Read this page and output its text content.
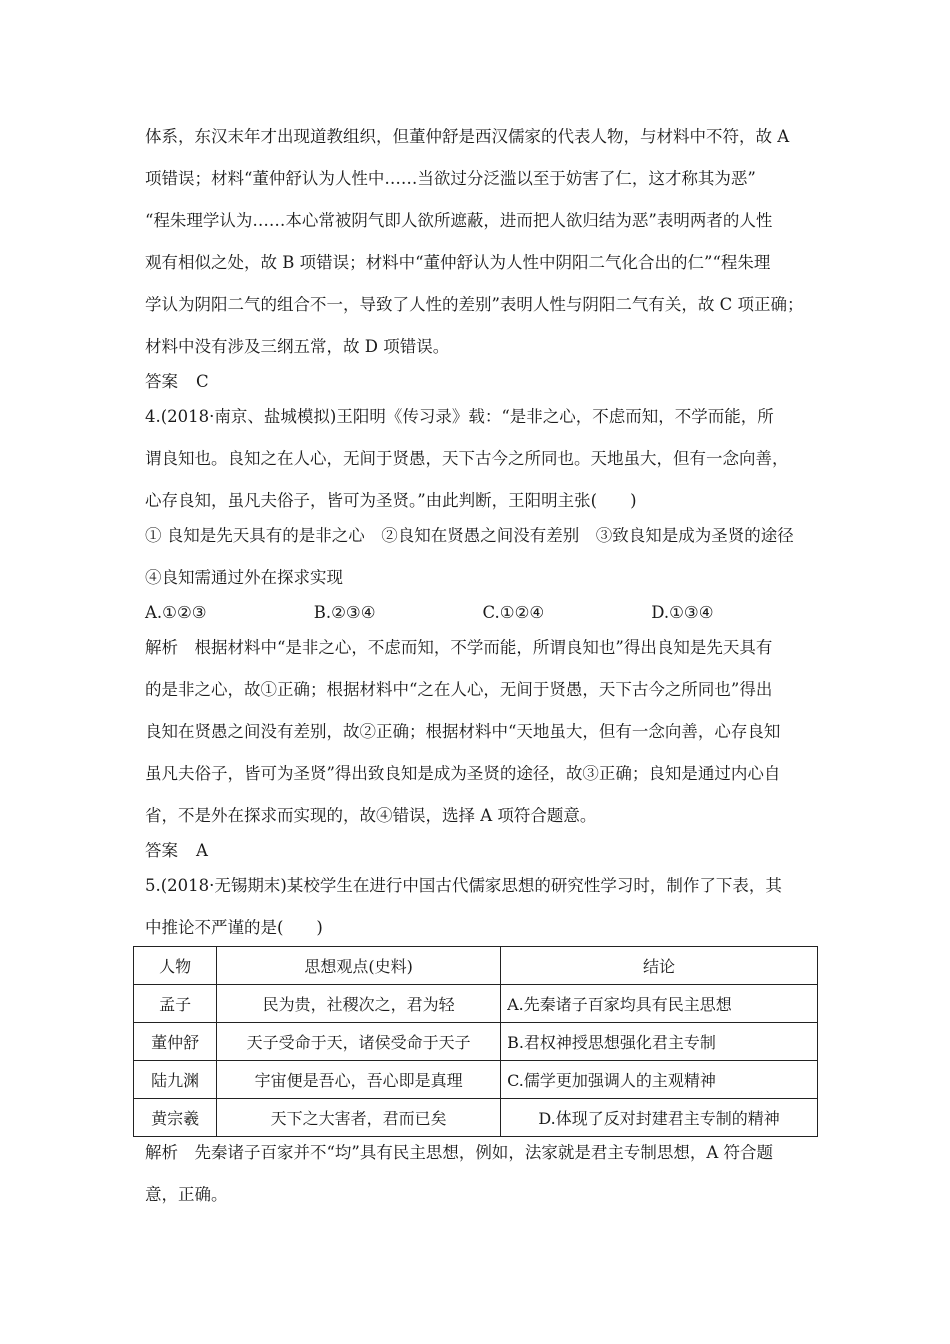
体系，东汉末年才出现道教组织，但董仲舒是西汉儒家的代表人物，与材料中不符，故 A
项错误；材料“董仲舒认为人性中……当欲过分泛滥以至于妨害了仁，这才称其为恶”
“程朱理学认为……本心常被阴气即人欲所遮蔽，进而把人欲归结为恶”表明两者的人性
观有相似之处，故 B 项错误；材料中“董仲舒认为人性中阴阳二气化合出的仁”“程朱理
学认为阴阳二气的组合不一，导致了人性的差别”表明人性与阴阳二气有关，故 C 项正确；
材料中没有涉及三纲五常，故 D 项错误。
答案 C
4.(2018·南京、盐城模拟)王阳明《传习录》载：“是非之心，不虑而知，不学而能，所
谓良知也。良知之在人心，无间于贤愚，天下古今之所同也。天地虽大，但有一念向善，
心存良知，虽凡夫俗子，皆可为圣贤。”由此判断，王阳明主张(　　)
① 良知是先天具有的是非之心　②良知在贤愚之间没有差别　③致良知是成为圣贤的途径
④良知需通过外在探求实现
A.①②③	B.②③④	C.①②④	D.①③④
解析　根据材料中“是非之心，不虑而知，不学而能，所谓良知也”得出良知是先天具有
的是非之心，故①正确；根据材料中“之在人心，无间于贤愚，天下古今之所同也”得出
良知在贤愚之间没有差别，故②正确；根据材料中“天地虽大，但有一念向善，心存良知
虽凡夫俗子，皆可为圣贤”得出致良知是成为圣贤的途径，故③正确；良知是通过内心自
省，不是外在探求而实现的，故④错误，选择 A 项符合题意。
答案 A
5.(2018·无锡期末)某校学生在进行中国古代儒家思想的研究性学习时，制作了下表，其
中推论不严谨的是(　　)
人物	思想观点(史料)	结论
孟子	民为贵，社稷次之，君为轻	A.先秦诸子百家均具有民主思想
董仲舒	天子受命于天，诸侯受命于天子	B.君权神授思想强化君主专制
陆九渊	宇宙便是吾心，吾心即是真理	C.儒学更加强调人的主观精神
黄宗羲	天下之大害者，君而已矣	D.体现了反对封建君主专制的精神
解析　先秦诸子百家并不“均”具有民主思想，例如，法家就是君主专制思想，A 符合题
意，正确。
